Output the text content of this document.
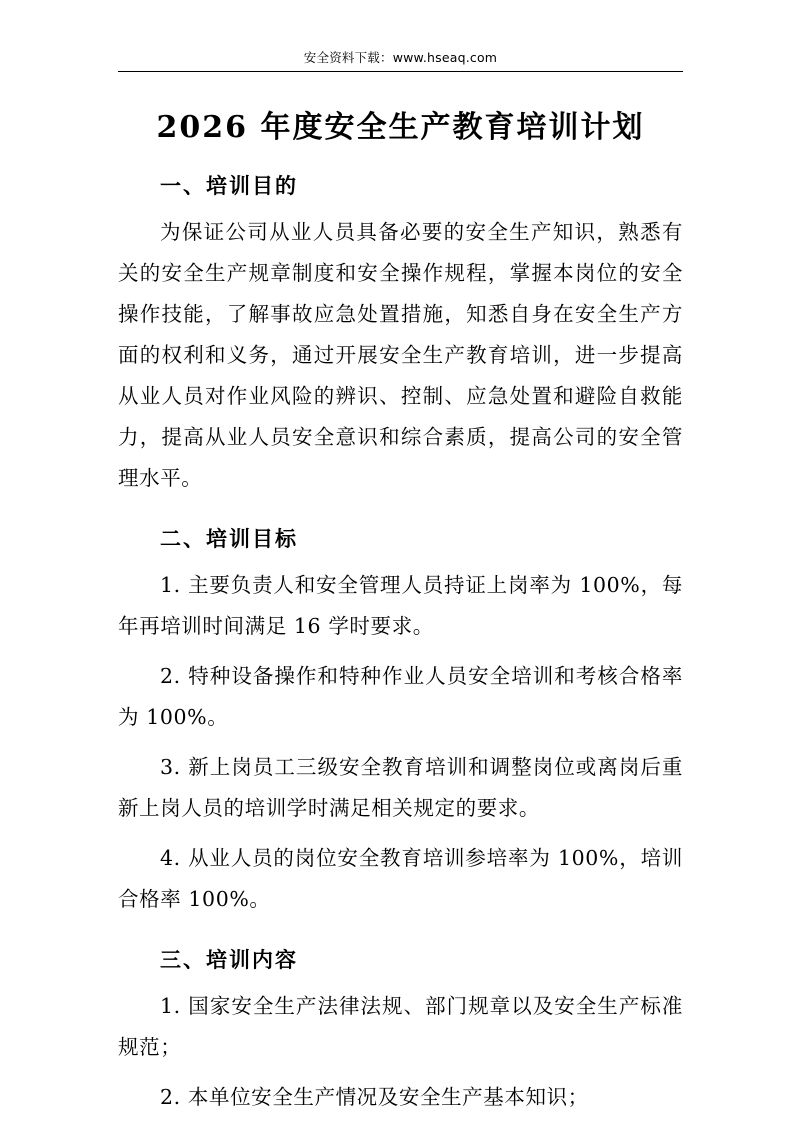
安全资料下载：www.hseaq.com
2026 年度安全生产教育培训计划
一、培训目的
为保证公司从业人员具备必要的安全生产知识，熟悉有关的安全生产规章制度和安全操作规程，掌握本岗位的安全操作技能，了解事故应急处置措施，知悉自身在安全生产方面的权利和义务，通过开展安全生产教育培训，进一步提高从业人员对作业风险的辨识、控制、应急处置和避险自救能力，提高从业人员安全意识和综合素质，提高公司的安全管理水平。
二、培训目标
1. 主要负责人和安全管理人员持证上岗率为 100%，每年再培训时间满足 16 学时要求。
2. 特种设备操作和特种作业人员安全培训和考核合格率为 100%。
3. 新上岗员工三级安全教育培训和调整岗位或离岗后重新上岗人员的培训学时满足相关规定的要求。
4. 从业人员的岗位安全教育培训参培率为 100%，培训合格率 100%。
三、培训内容
1. 国家安全生产法律法规、部门规章以及安全生产标准规范；
2. 本单位安全生产情况及安全生产基本知识；
